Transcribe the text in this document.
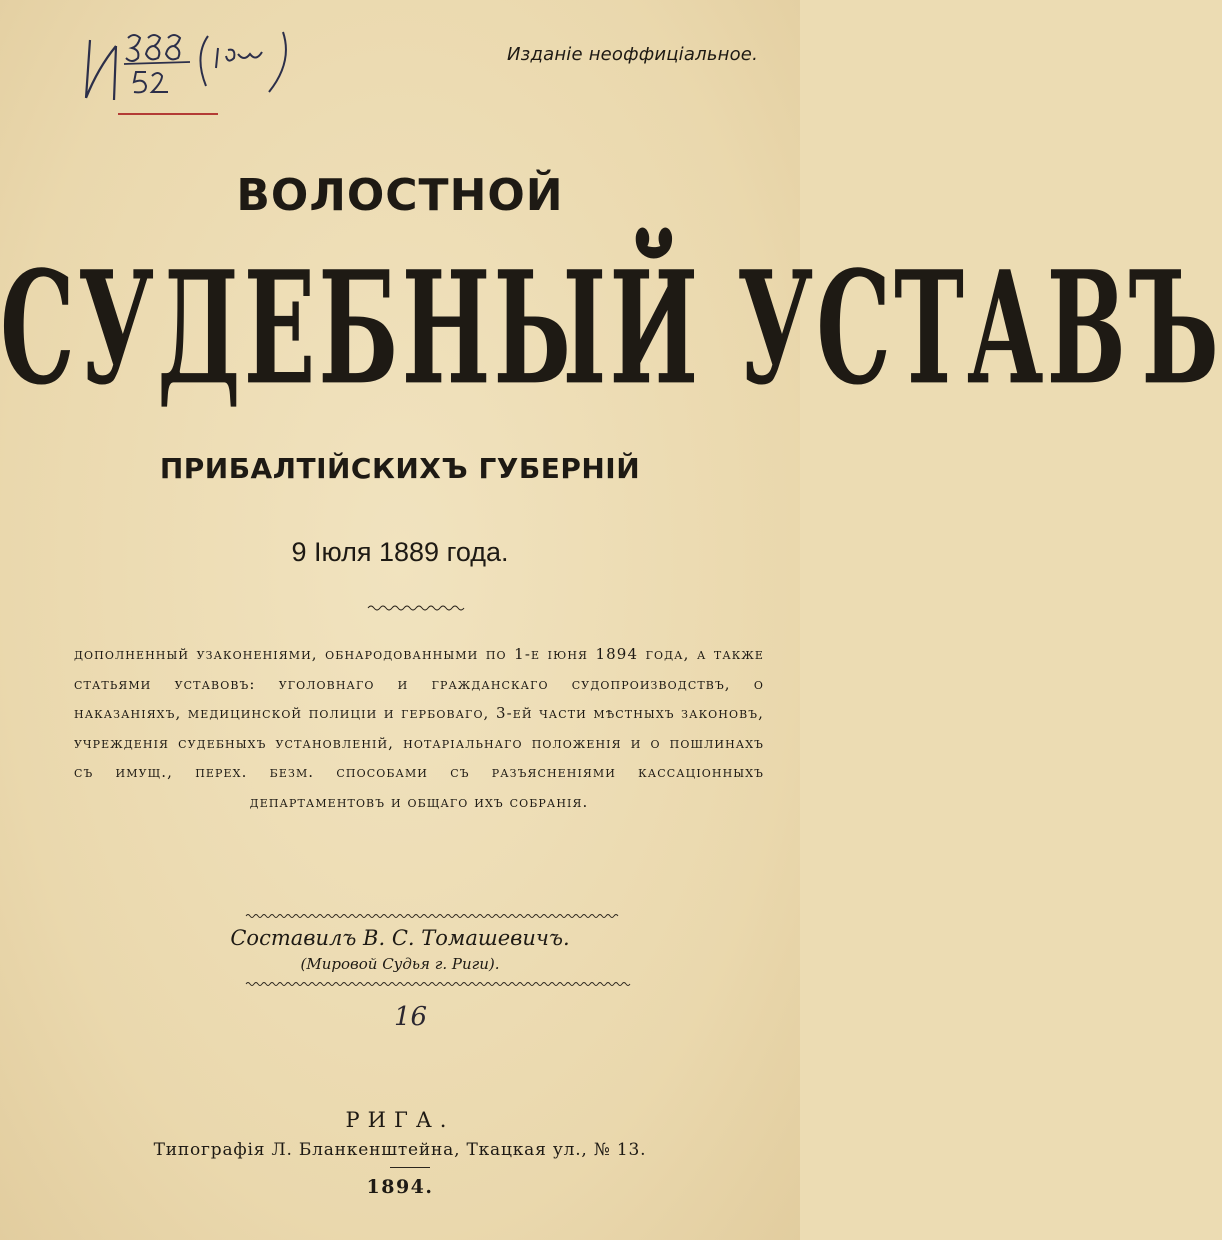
Изданіе неоффиціальное.
ВОЛОСТНОЙ
СУДЕБНЫЙ УСТАВЪ
ПРИБАЛТІЙСКИХЪ ГУБЕРНІЙ
9 Іюля 1889 года.
дополненный узаконеніями, обнародованными по 1-е іюня 1894 года, а также статьями уставовъ: уголовнаго и гражданскаго судопроизводствъ, о наказаніяхъ, медицинской полиціи и гербоваго, 3-ей части мѣстныхъ законовъ, учрежденія судебныхъ установленій, нотаріальнаго положенія и о пошлинахъ съ имущ., перех. безм. способами съ разъясненіями кассаціонныхъ департаментовъ и общаго ихъ собранія.
Составилъ В. С. Томашевичъ.
(Мировой Судья г. Риги).
16
РИГА.
Типографія Л. Бланкенштейна, Ткацкая ул., № 13.
1894.
